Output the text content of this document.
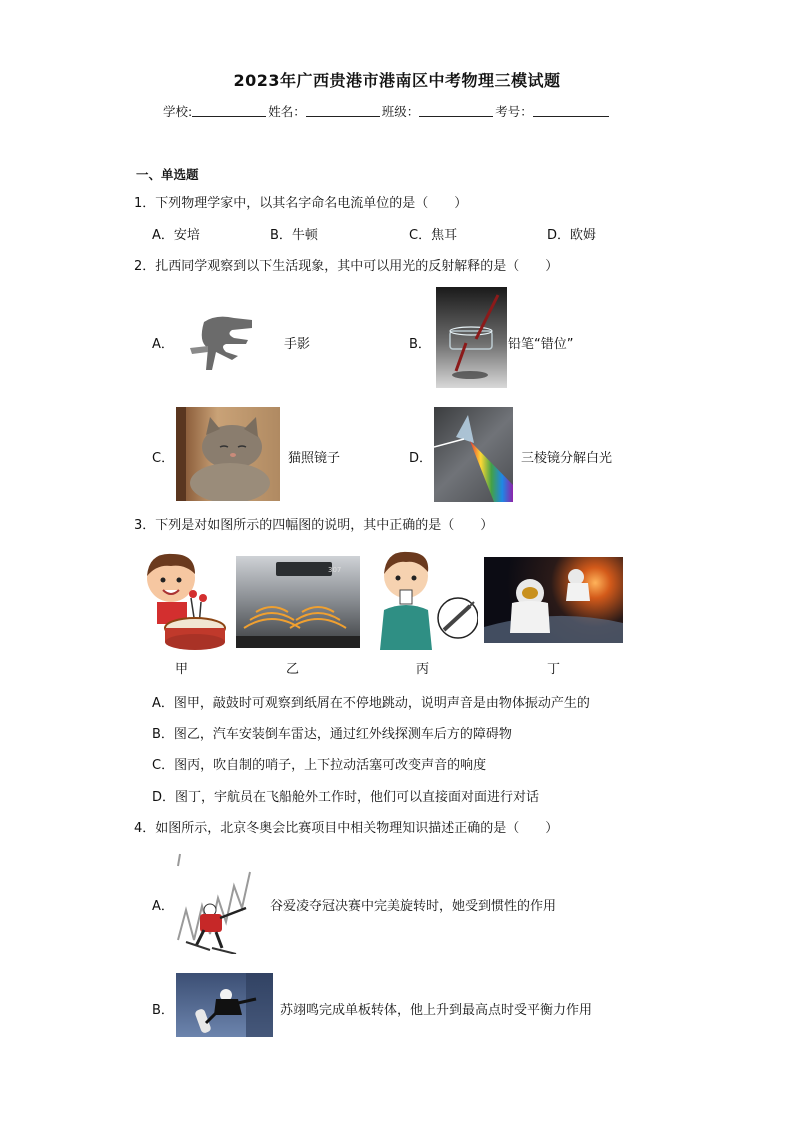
2023年广西贵港市港南区中考物理三模试题
学校:	姓名：	班级：	考号：
一、单选题
1．下列物理学家中，以其名字命名电流单位的是（　　）
A．安培	B．牛顿	C．焦耳	D．欧姆
2．扎西同学观察到以下生活现象，其中可以用光的反射解释的是（　　）
A．	手影	B．	铅笔“错位”
C．	猫照镜子	D．	三棱镜分解白光
3．下列是对如图所示的四幅图的说明，其中正确的是（　　）
甲
307
乙	丙	丁
A．图甲，敲鼓时可观察到纸屑在不停地跳动，说明声音是由物体振动产生的
B．图乙，汽车安装倒车雷达，通过红外线探测车后方的障碍物
C．图丙，吹自制的哨子，上下拉动活塞可改变声音的响度
D．图丁，宇航员在飞船舱外工作时，他们可以直接面对面进行对话
4．如图所示，北京冬奥会比赛项目中相关物理知识描述正确的是（　　）
A．	谷爱凌夺冠决赛中完美旋转时，她受到惯性的作用
B．	苏翊鸣完成单板转体，他上升到最高点时受平衡力作用
